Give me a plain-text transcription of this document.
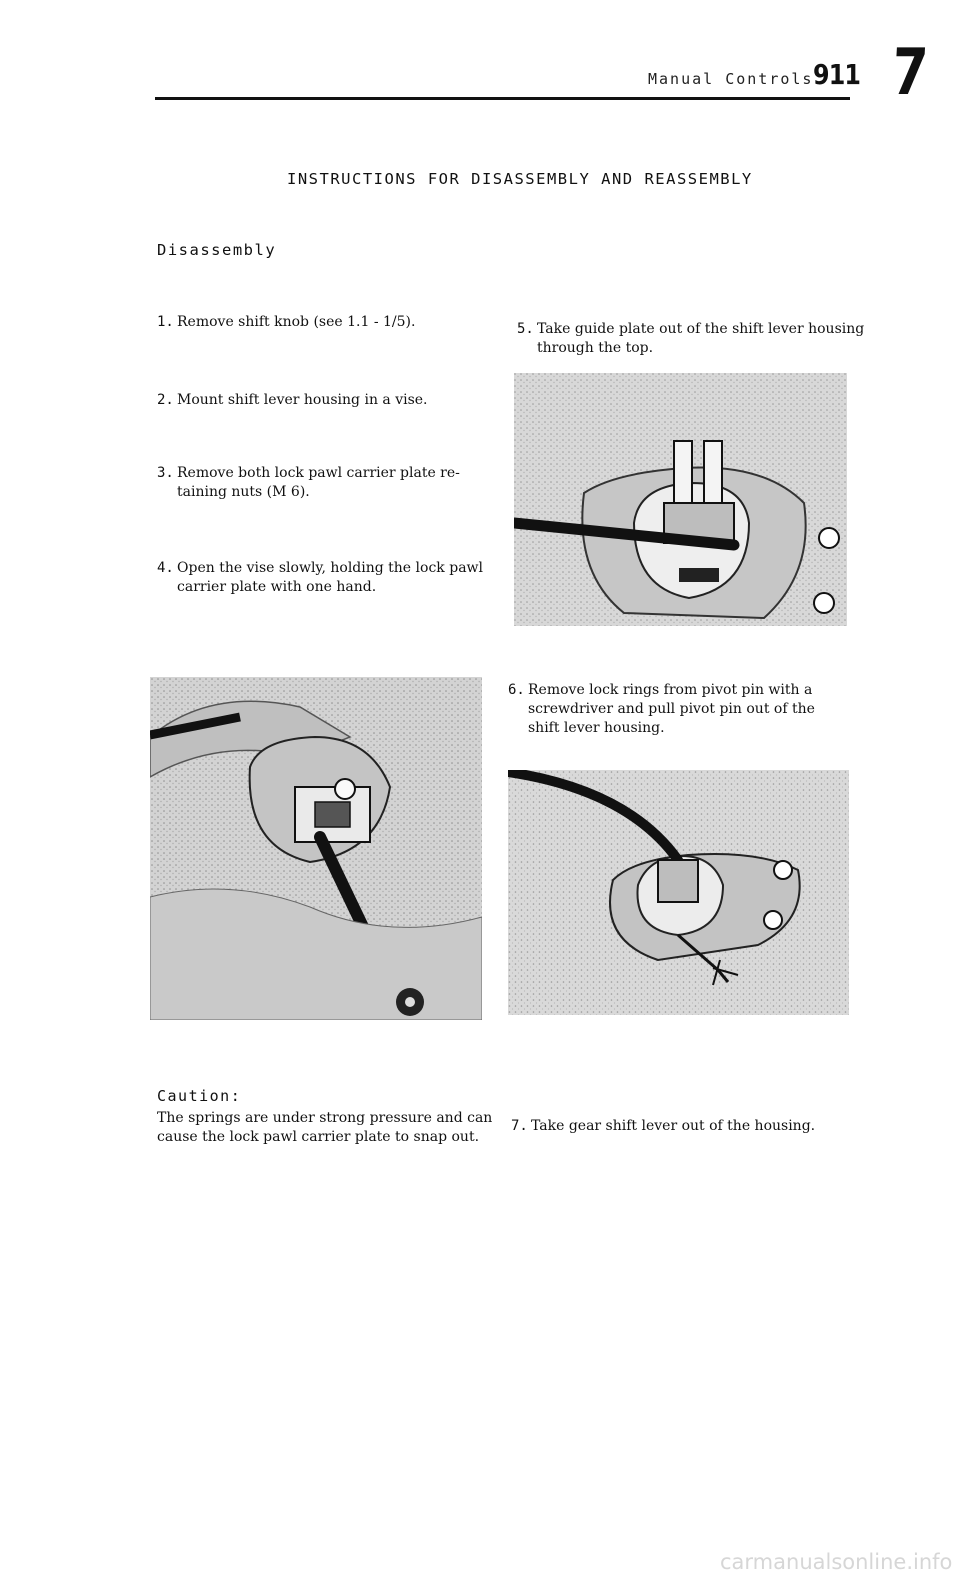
Manual Controls 911 7
INSTRUCTIONS FOR DISASSEMBLY AND REASSEMBLY
Disassembly
1. Remove shift knob (see 1.1 - 1/5).
2. Mount shift lever housing in a vise.
3. Remove both lock pawl carrier plate re-
taining nuts (M 6).
4. Open the vise slowly, holding the lock pawl
carrier plate with one hand.
5. Take guide plate out of the shift lever housing
through the top.
6. Remove lock rings from pivot pin with a
screwdriver and pull pivot pin out of the
shift lever housing.
7. Take gear shift lever out of the housing.
Caution:
The springs are under strong pressure and can
cause the lock pawl carrier plate to snap out.
carmanualsonline.info
